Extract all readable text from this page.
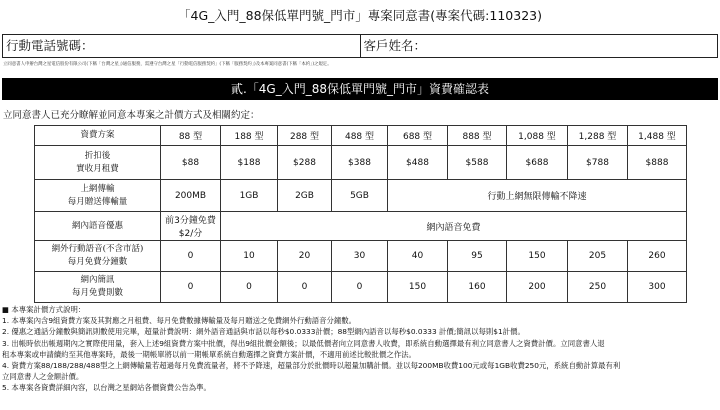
「4G_入門_88保低單門號_門市」專案同意書(專案代碼:110323)
行動電話號碼：	客戶姓名：
立同意書人申辦台灣之星電信股份有限公司(下稱「台灣之星」)通信服務，需遵守台灣之星「行動電信服務契約」(下稱「服務契約」)及本專案同意書(下稱「本約」)之規定。
貳.「4G_入門_88保低單門號_門市」資費確認表
立同意書人已充分瞭解並同意本專案之計價方式及相關約定：
資費方案	88 型	188 型	288 型	488 型	688 型	888 型	1,088 型	1,288 型	1,488 型

折扣後
實收月租費	$88	$188	$288	$388	$488	$588	$688	$788	$888

上網傳輸
每月贈送傳輸量	200MB	1GB	2GB	5GB	行動上網無限傳輸不降速				

網內語音優惠	前3分鐘免費
$2/分	網內語音免費							

網外行動語音(不含市話)
每月免費分鐘數	0	10	20	30	40	95	150	205	260

網內簡訊
每月免費則數	0	0	0	0	150	160	200	250	300
■ 本專案計價方式說明：
1. 本專案內含9組資費方案及其對應之月租費、每月免費數據傳輸量及每月贈送之免費網外行動語音分鐘數。
2. 優惠之通話分鐘數與簡訊則數使用完畢，超量計費說明：網外語音通話與市話以每秒$0.0333計價；88型網內語音以每秒$0.0333 計價;簡訊以每則$1計價。
3. 出帳時依出帳週期內之實際使用量，套入上述9組資費方案中批價，得出9組批價金額後；以最低價者向立同意書人收費，即系統自動選擇最有利立同意書人之資費計價。立同意書人退
租本專案或申請續約至其他專案時，最後一期帳單將以前一期帳單系統自動選擇之資費方案計價，不適用前述比較批價之作法。
4. 資費方案88/188/288/488型之上網傳輸量若超過每月免費流量者，將不予降速，超量部分於批價時以超量加購計價。並以每200MB收費100元或每1GB收費250元，系統自動計算最有利
立同意書人之金額計價。
5. 本專案各資費詳細內容，以台灣之星網站各價資費公告為準。
